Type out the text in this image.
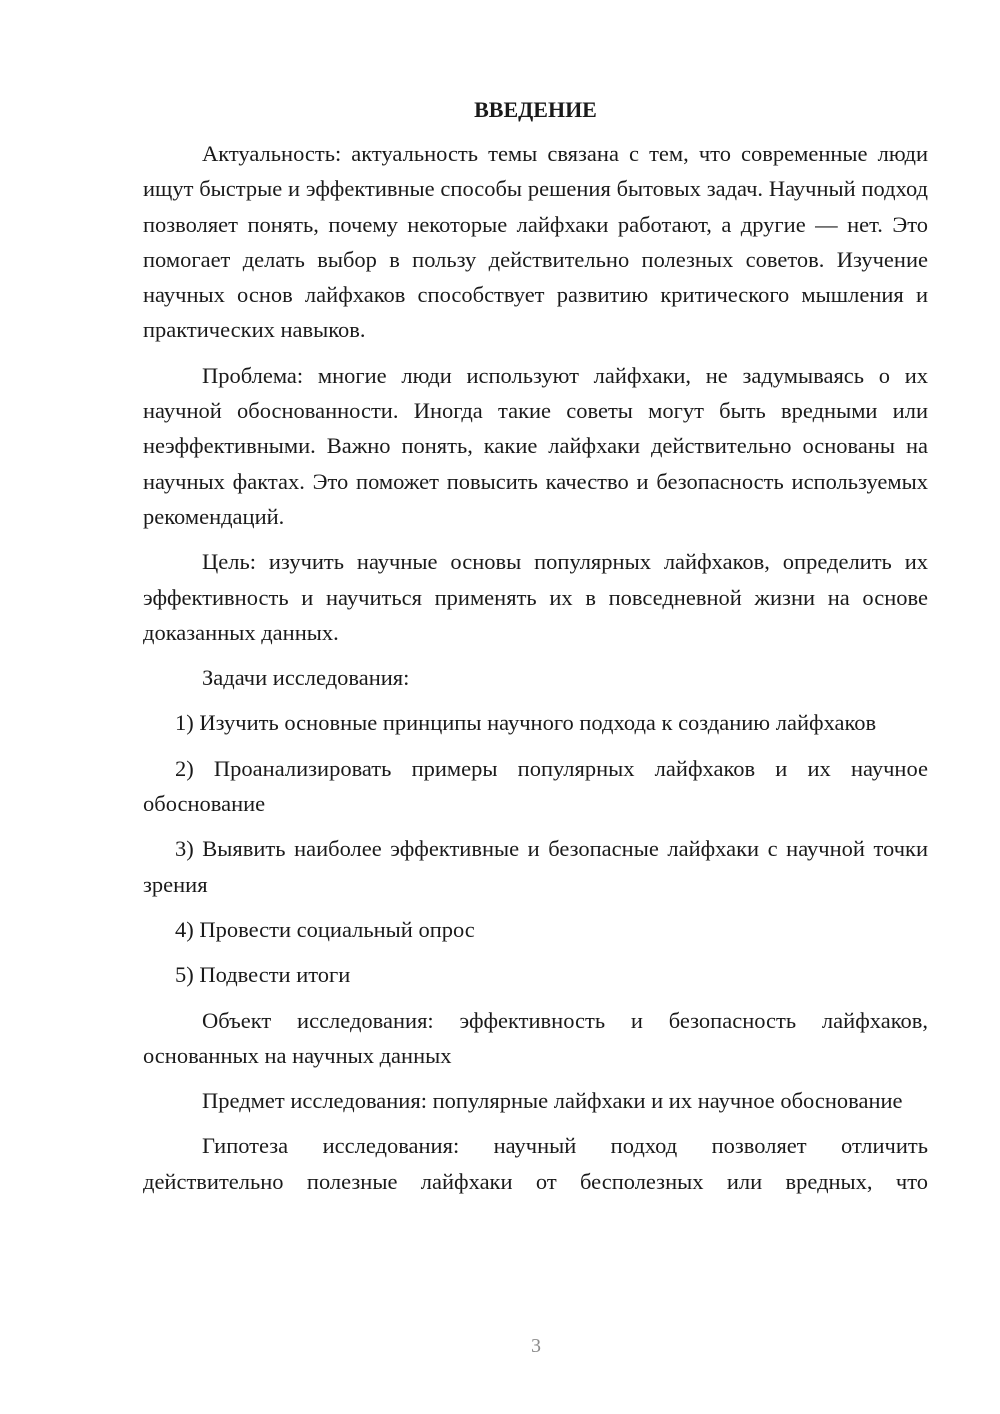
ВВЕДЕНИЕ

Актуальность: актуальность темы связана с тем, что современные люди ищут быстрые и эффективные способы решения бытовых задач. Научный подход позволяет понять, почему некоторые лайфхаки работают, а другие — нет. Это помогает делать выбор в пользу действительно полезных советов. Изучение научных основ лайфхаков способствует развитию критического мышления и практических навыков.

Проблема: многие люди используют лайфхаки, не задумываясь о их научной обоснованности. Иногда такие советы могут быть вредными или неэффективными. Важно понять, какие лайфхаки действительно основаны на научных фактах. Это поможет повысить качество и безопасность используемых рекомендаций.

Цель: изучить научные основы популярных лайфхаков, определить их эффективность и научиться применять их в повседневной жизни на основе доказанных данных.

Задачи исследования:

1) Изучить основные принципы научного подхода к созданию лайфхаков

2) Проанализировать примеры популярных лайфхаков и их научное обоснование

3) Выявить наиболее эффективные и безопасные лайфхаки с научной точки зрения

4) Провести социальный опрос

5) Подвести итоги

Объект исследования: эффективность и безопасность лайфхаков, основанных на научных данных

Предмет исследования: популярные лайфхаки и их научное обоснование

Гипотеза исследования: научный подход позволяет отличить действительно полезные лайфхаки от бесполезных или вредных, что

3
